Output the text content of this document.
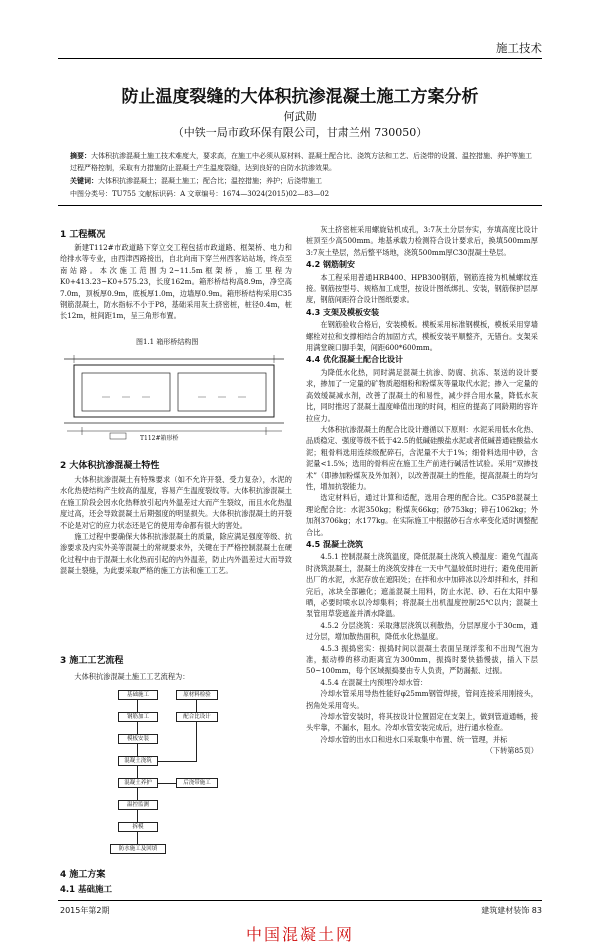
施工技术
防止温度裂缝的大体积抗渗混凝土施工方案分析
何武勋
（中铁一局市政环保有限公司，甘肃兰州 730050）
摘要：大体积抗渗混凝土施工技术难度大，要求高，在施工中必须从原材料、混凝土配合比、浇筑方法和工艺、后浇带的设置、温控措施、养护等施工过程严格控制，采取有力措施防止混凝土产生温度裂缝，达到良好的自防水抗渗效果。
关键词：大体积抗渗混凝土；混凝土施工；配合比；温控措施；养护；后浇带施工
中图分类号：TU755 文献标识码：A 文章编号：1674—3024(2015)02—83—02
1 工程概况

新建T112#市政道路下穿立交工程包括市政道路、框架桥、电力和给排水等专业，由西津西路接出，自北向南下穿兰州西客站站场，终点至南站路。本次施工范围为2~11.5m框架桥，施工里程为K0+413.23~K0+575.23，长度162m。箱形桥结构高8.9m，净空高7.0m，顶板厚0.9m，底板厚1.0m，边墙厚0.9m。箱形桥结构采用C35钢筋混凝土，防水指标不小于P8，基础采用灰土挤密桩，桩径0.4m，桩长12m，桩间距1m，呈三角形布置。

图1.1 箱形桥结构图
T112#箱形桥
2 大体积抗渗混凝土特性

大体积抗渗混凝土有特殊要求（如不允许开裂、受力复杂），水泥的水化热使结构产生较高的温度，容易产生温度裂纹等。大体积抗渗混凝土在施工阶段会因水化热释放引起内外温差过大而产生裂纹，而且水化热温度过高，还会导致混凝土后期强度的明显损失。大体积抗渗混凝土的开裂不论是对它的应力状态还是它的使用寿命都有很大的害处。

施工过程中要确保大体积抗渗混凝土的质量，除应满足强度等级、抗渗要求及内实外美等混凝土的常规要求外，关键在于严格控制混凝土在硬化过程中由于混凝土水化热而引起的内外温差，防止内外温差过大而导致混凝土裂缝，为此要采取严格的施工方法和施工工艺。

3 施工工艺流程

大体积抗渗混凝土施工工艺流程为：

基础施工	原材料检验
钢筋加工	配合比设计
模板安装
混凝土浇筑
混凝土养护	后浇带施工
温控监测
拆模
防水施工及回填
4 施工方案
4.1 基础施工

灰土挤密桩采用螺旋钻机成孔，3:7灰土分层夯实，夯填高度比设计桩顶至少高500mm。地基承载力检测符合设计要求后，换填500mm厚3:7灰土垫层，然后整平场地，浇筑500mm厚C30混凝土垫层。

4.2 钢筋制安

本工程采用普通HRB400、HPB300钢筋，钢筋连接为机械螺纹连接。钢筋按型号、规格加工成型，按设计图纸绑扎、安装，钢筋保护层厚度，钢筋间距符合设计图纸要求。

4.3 支架及模板安装

在钢筋验收合格后，安装模板。模板采用标准钢模板，模板采用穿墙螺栓对拉和支撑相结合的加固方式，模板安装平顺整齐，无错台。支架采用满堂碗口脚手架，间距600*600mm。

4.4 优化混凝土配合比设计

为降低水化热，同时满足混凝土抗渗、防腐、抗冻、泵送的设计要求，掺加了一定量的矿物质超细粉和粉煤灰等量取代水泥；掺入一定量的高效缓凝减水剂，改善了混凝土的和易性，减少拌合用水量，降低水灰比，同时推迟了混凝土温度峰值出现的时间，相应的提高了同龄期的容许拉应力。

大体积抗渗混凝土的配合比设计遵循以下原则：水泥采用低水化热、品质稳定、强度等级不低于42.5的低碱硅酸盐水泥或者低碱普通硅酸盐水泥；粗骨料选用连续级配碎石，含泥量不大于1%；细骨料选用中砂，含泥量<1.5%；选用的骨料应在施工生产前进行碱活性试验。采用“双掺技术”（即掺加粉煤灰及外加剂），以改善混凝土的性能，提高混凝土的均匀性，增加抗裂能力。

选定材料后，通过计算和适配，选用合理的配合比。C35P8混凝土理论配合比：水泥350kg；粉煤灰66kg；砂753kg；碎石1062kg；外加剂3706kg；水177kg。在实际施工中根据砂石含水率变化适时调整配合比。

4.5 混凝土浇筑

4.5.1 控制混凝土浇筑温度，降低混凝土浇筑入模温度：避免气温高时浇筑混凝土，混凝土的浇筑安排在一天中气温较低时进行；避免使用新出厂的水泥，水泥存放在遮阳处；在拌和水中加碎冰以冷却拌和水，拌和完后，冰块全部融化；遮盖混凝土用料，防止水泥、砂、石在太阳中暴晒，必要时喷水以冷却集料；将混凝土出机温度控制25℃以内；混凝土泵管用草袋遮盖并洒水降温。

4.5.2 分层浇筑：采取薄层浇筑以利散热，分层厚度小于30cm，通过分层，增加散热面积，降低水化热温度。

4.5.3 振捣密实：振捣时间以混凝土表面呈现浮浆和不出现气泡为准，振动棒的移动距离宜为300mm，振捣时要快插慢拔，插入下层50~100mm，每个区域振捣要由专人负责，严防漏振、过振。

4.5.4 在混凝土内预埋冷却水管：

冷却水管采用导热性能好φ25mm钢管焊接，管间连接采用刚接头，拐角处采用弯头。

冷却水管安装时，将其按设计位置固定在支架上，做到管道通畅，接头牢靠，不漏水，阻水。冷却水管安装完成后，进行通水检查。

冷却水管的出水口和进水口采取集中布置、统一管理，并标

（下转第85页）
2015年第2期	建筑建材装饰 83
中国混凝土网
